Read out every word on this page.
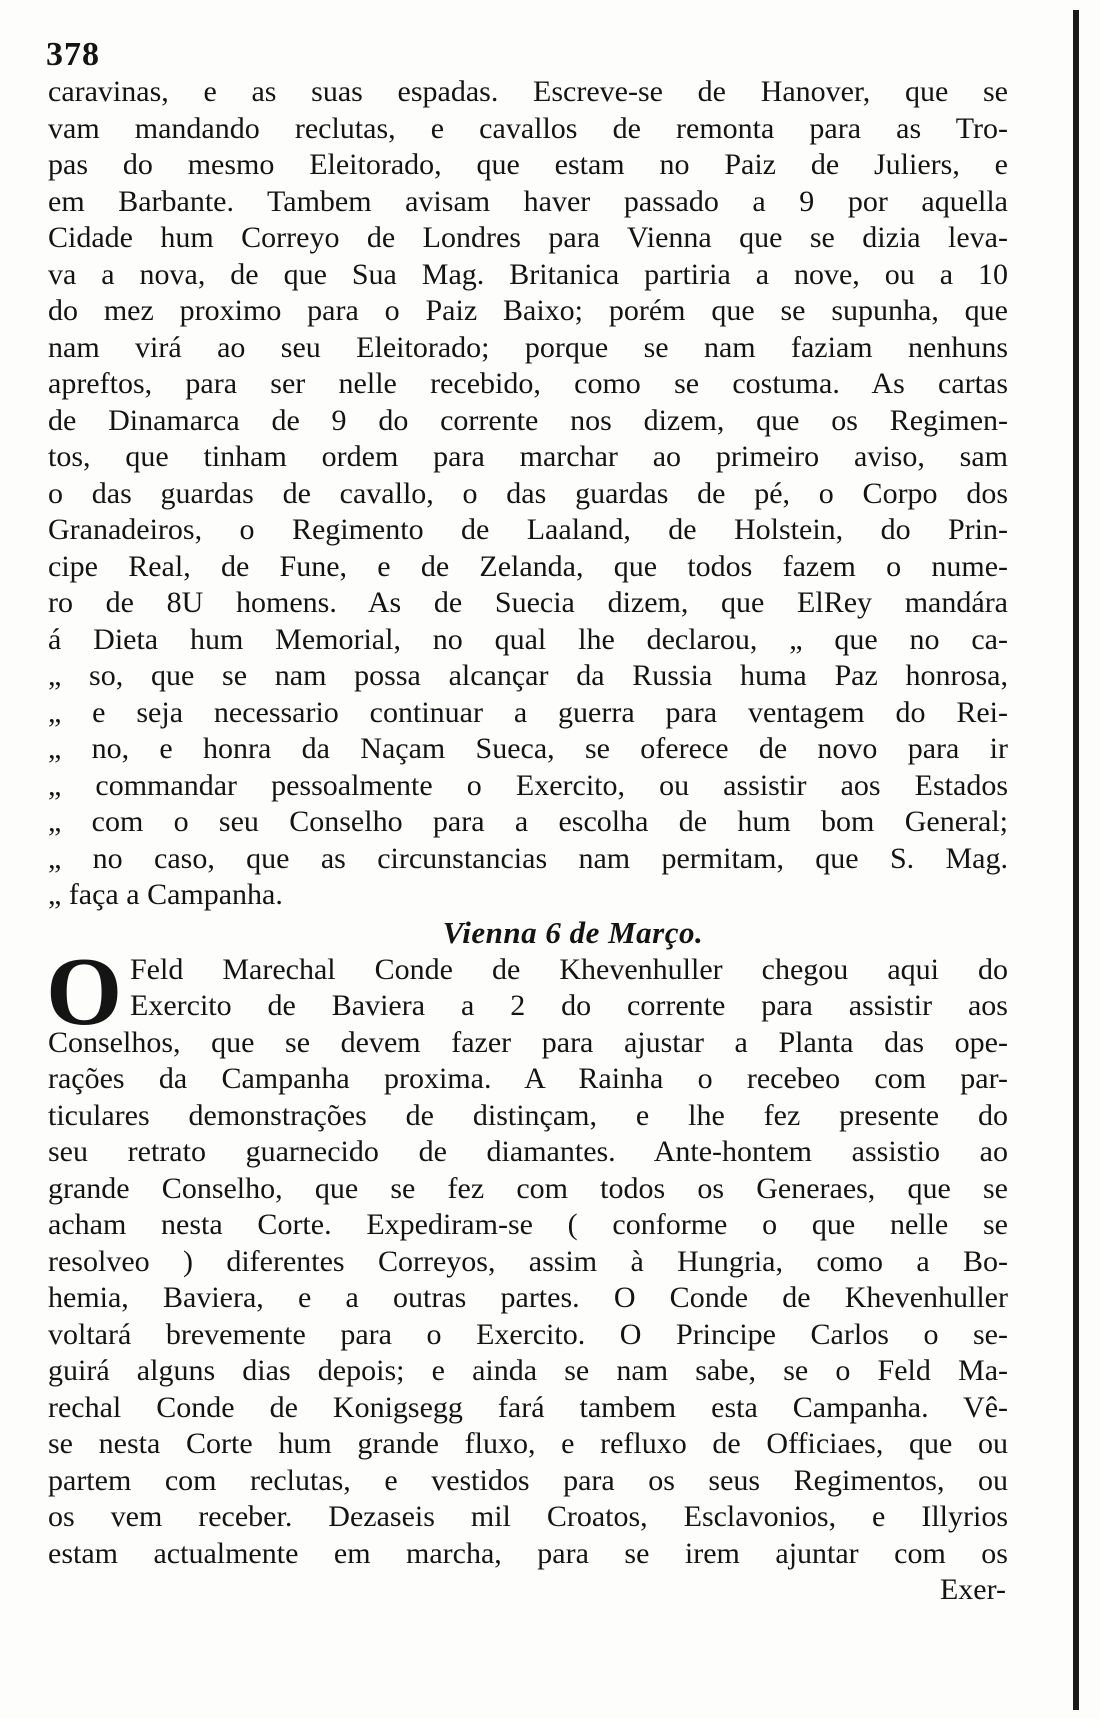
378
caravinas, e as suas espadas. Escreve-se de Hanover, que se
vam mandando reclutas, e cavallos de remonta para as Tro-
pas do mesmo Eleitorado, que estam no Paiz de Juliers, e
em Barbante. Tambem avisam haver passado a 9 por aquella
Cidade hum Correyo de Londres para Vienna que se dizia leva-
va a nova, de que Sua Mag. Britanica partiria a nove, ou a 10
do mez proximo para o Paiz Baixo; porém que se supunha, que
nam virá ao seu Eleitorado; porque se nam faziam nenhuns
apreftos, para ser nelle recebido, como se costuma. As cartas
de Dinamarca de 9 do corrente nos dizem, que os Regimen-
tos, que tinham ordem para marchar ao primeiro aviso, sam
o das guardas de cavallo, o das guardas de pé, o Corpo dos
Granadeiros, o Regimento de Laaland, de Holstein, do Prin-
cipe Real, de Fune, e de Zelanda, que todos fazem o nume-
ro de 8U homens. As de Suecia dizem, que ElRey mandára
á Dieta hum Memorial, no qual lhe declarou, „ que no ca-
„ so, que se nam possa alcançar da Russia huma Paz honrosa,
„ e seja necessario continuar a guerra para ventagem do Rei-
„ no, e honra da Naçam Sueca, se oferece de novo para ir
„ commandar pessoalmente o Exercito, ou assistir aos Estados
„ com o seu Conselho para a escolha de hum bom General;
„ no caso, que as circunstancias nam permitam, que S. Mag.
„ faça a Campanha.
Vienna 6 de Março.
O Feld Marechal Conde de Khevenhuller chegou aqui do
Exercito de Baviera a 2 do corrente para assistir aos
Conselhos, que se devem fazer para ajustar a Planta das ope-
rações da Campanha proxima. A Rainha o recebeo com par-
ticulares demonstrações de distinçam, e lhe fez presente do
seu retrato guarnecido de diamantes. Ante-hontem assistio ao
grande Conselho, que se fez com todos os Generaes, que se
acham nesta Corte. Expediram-se ( conforme o que nelle se
resolveo ) diferentes Correyos, assim à Hungria, como a Bo-
hemia, Baviera, e a outras partes. O Conde de Khevenhuller
voltará brevemente para o Exercito. O Principe Carlos o se-
guirá alguns dias depois; e ainda se nam sabe, se o Feld Ma-
rechal Conde de Konigsegg fará tambem esta Campanha. Vê-
se nesta Corte hum grande fluxo, e refluxo de Officiaes, que ou
partem com reclutas, e vestidos para os seus Regimentos, ou
os vem receber. Dezaseis mil Croatos, Esclavonios, e Illyrios
estam actualmente em marcha, para se irem ajuntar com os
Exer-
